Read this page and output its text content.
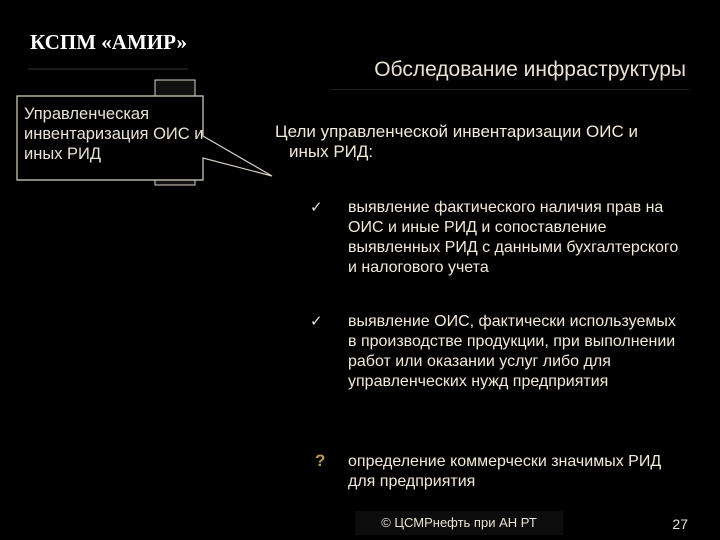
КСПМ «АМИР»
Обследование инфраструктуры
Управленческая инвентаризация ОИС и иных РИД
Цели управленческой инвентаризации ОИС и
иных РИД:
✓	выявление фактического наличия прав на ОИС и иные РИД и сопоставление выявленных РИД с данными бухгалтерского и налогового учета
✓	выявление ОИС, фактически используемых в производстве продукции, при выполнении работ или оказании услуг либо для управленческих нужд предприятия
?	определение коммерчески значимых РИД для предприятия
© ЦСМРнефть при АН РТ	27
